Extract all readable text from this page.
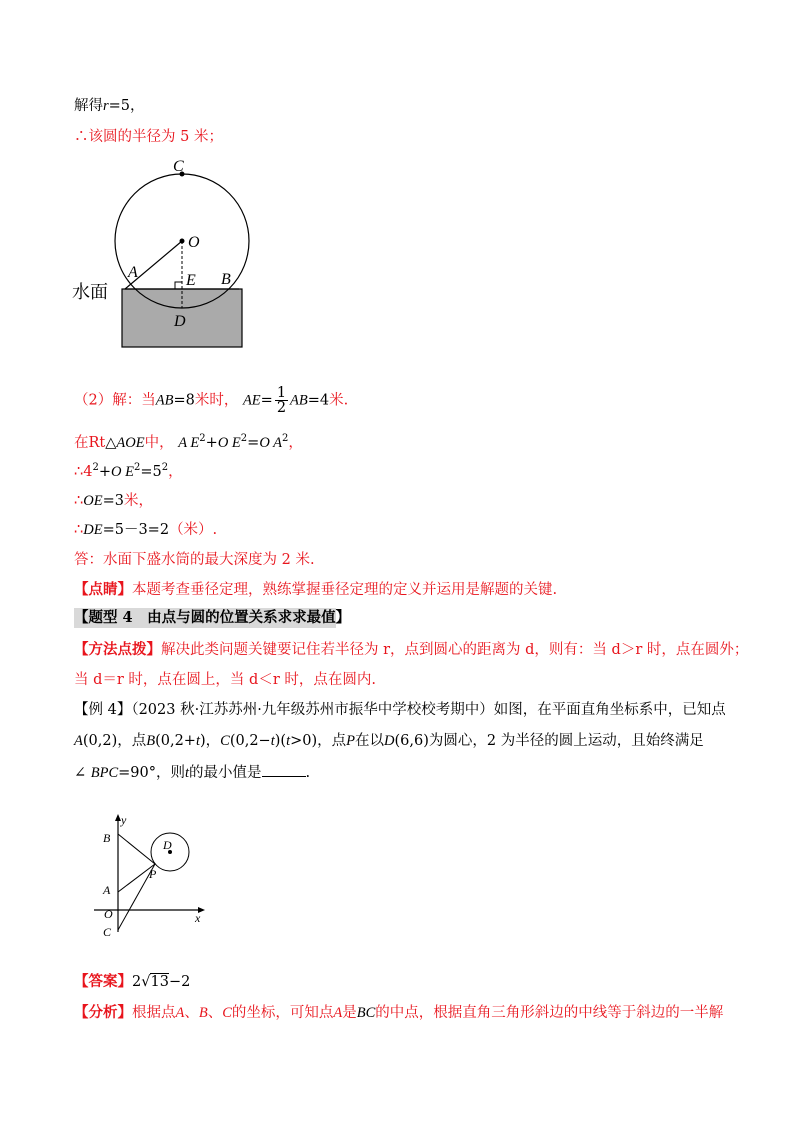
解得r=5，
∴该圆的半径为 5 米；
C
O
A	E B
D
水面
（2）解：当AB=8米时， $AE= \frac{1}{2} AB=4$米.
在Rt△AOE中， A $E^2+O$ $E^2=O$ $A^2$，
$\therefore 4^2+O$ $E^2=5^2$，
∴OE=3米，
∴DE=5－3=2（米）.
答：水面下盛水筒的最大深度为 2 米.
【点睛】本题考查垂径定理，熟练掌握垂径定理的定义并运用是解题的关键.
【题型 4　由点与圆的位置关系求求最值】
【方法点拨】解决此类问题关键要记住若半径为 r，点到圆心的距离为 d，则有：当 d＞r 时，点在圆外；
当 d＝r 时，点在圆上，当 d＜r 时，点在圆内.
【例 4】（2023 秋·江苏苏州·九年级苏州市振华中学校校考期中）如图，在平面直角坐标系中，已知点
A(0,2)，点B(0,2+t)，C(0,2−t)(t>0)，点P在以D(6,6)为圆心，2 为半径的圆上运动，且始终满足
∠ BPC=90°，则t的最小值是	.
y
x
B	D
P
A
O
C
【答案】2√13−2
【分析】根据点A、B、C的坐标，可知点A是BC的中点，根据直角三角形斜边的中线等于斜边的一半解
